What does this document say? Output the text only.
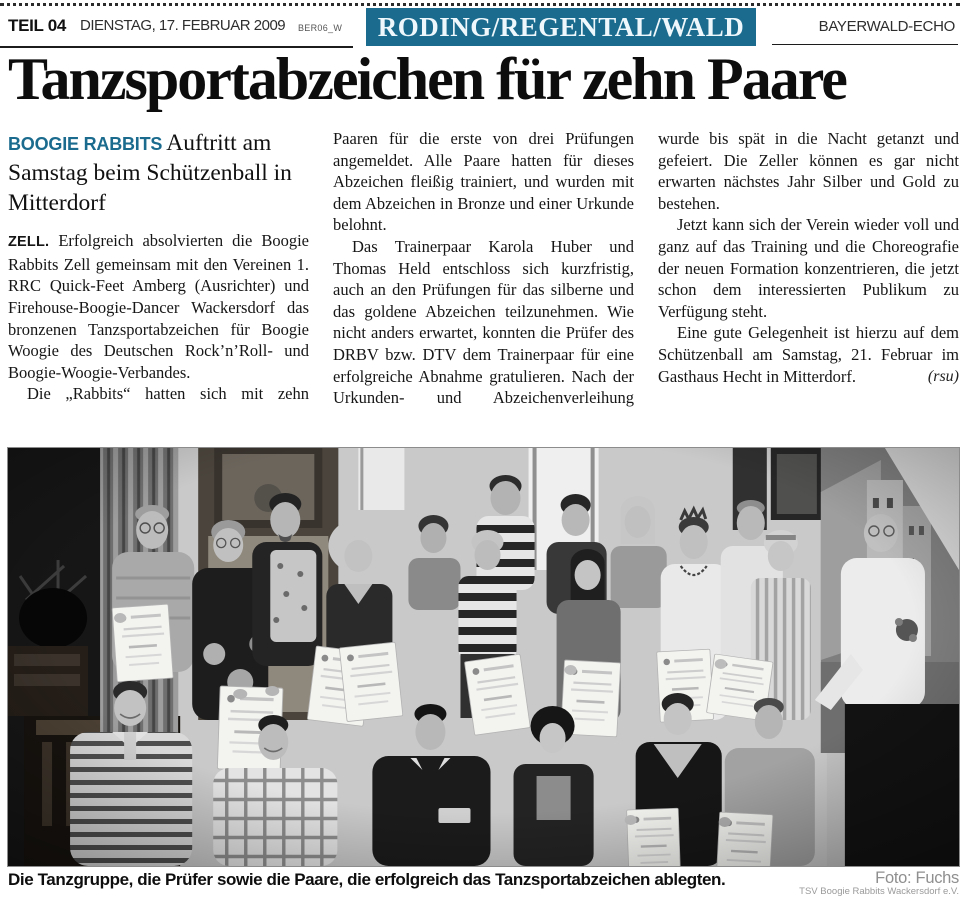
TEIL 04 DIENSTAG, 17. FEBRUAR 2009 BER06_W RODING/REGENTAL/WALD	BAYERWALD-ECHO
Tanzsportabzeichen für zehn Paare

BOOGIE RABBITS Auftritt am Samstag beim Schützenball in Mitterdorf

ZELL. Erfolgreich absolvierten die Boogie Rabbits Zell gemeinsam mit den Vereinen 1. RRC Quick-Feet Amberg (Ausrichter) und Firehouse-Boogie-Dancer Wackersdorf das bronzenen Tanzsportabzeichen für Boogie Woogie des Deutschen Rock’n’Roll- und Boogie-Woogie-Verbandes.

Die „Rabbits“ hatten sich mit zehn

Paaren für die erste von drei Prüfungen angemeldet. Alle Paare hatten für dieses Abzeichen fleißig trainiert, und wurden mit dem Abzeichen in Bronze und einer Urkunde belohnt.

Das Trainerpaar Karola Huber und Thomas Held entschloss sich kurzfristig, auch an den Prüfungen für das silberne und das goldene Abzeichen teilzunehmen. Wie nicht anders erwartet, konnten die Prüfer des DRBV bzw. DTV dem Trainerpaar für eine erfolgreiche Abnahme gratulieren. Nach der Urkunden- und Abzeichenverleihung

wurde bis spät in die Nacht getanzt und gefeiert. Die Zeller können es gar nicht erwarten nächstes Jahr Silber und Gold zu bestehen.

Jetzt kann sich der Verein wieder voll und ganz auf das Training und die Choreografie der neuen Formation konzentrieren, die jetzt schon dem interessierten Publikum zu Verfügung steht.

Eine gute Gelegenheit ist hierzu auf dem Schützenball am Samstag, 21. Februar im Gasthaus Hecht in Mitterdorf.	(rsu)

Die Tanzgruppe, die Prüfer sowie die Paare, die erfolgreich das Tanzsportabzeichen ablegten.	Foto: Fuchs
TSV Boogie Rabbits Wackersdorf e.V.
